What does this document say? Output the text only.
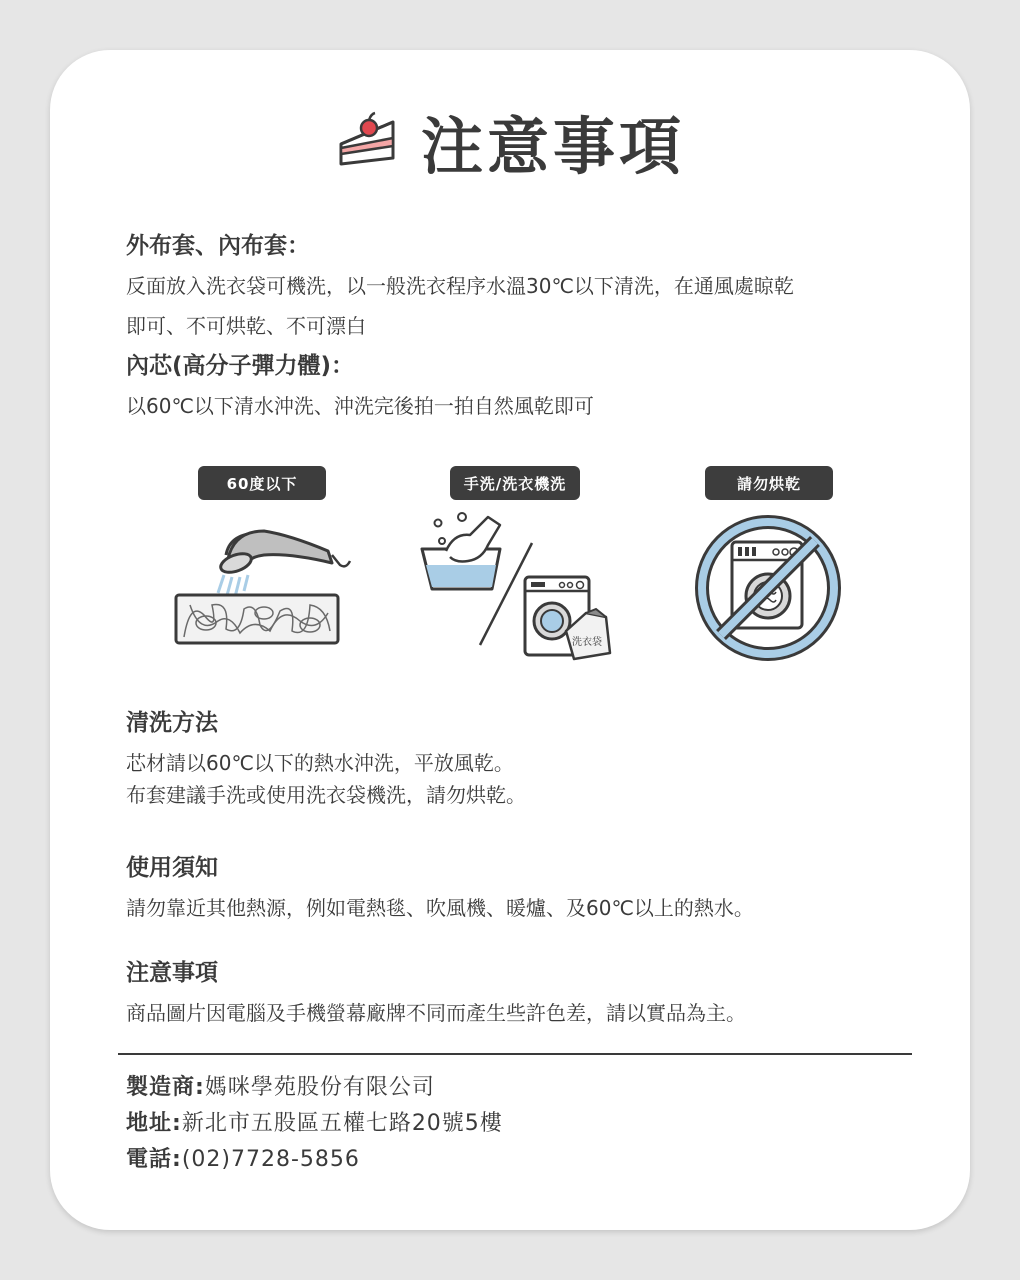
注意事項
外布套、內布套：
反面放入洗衣袋可機洗，以一般洗衣程序水溫30℃以下清洗，在通風處晾乾
即可、不可烘乾、不可漂白
內芯(高分子彈力體)：
以60℃以下清水沖洗、沖洗完後拍一拍自然風乾即可
60度以下	手洗/洗衣機洗	請勿烘乾
洗衣袋
清洗方法
芯材請以60℃以下的熱水沖洗，平放風乾。
布套建議手洗或使用洗衣袋機洗，請勿烘乾。
使用須知
請勿靠近其他熱源，例如電熱毯、吹風機、暖爐、及60℃以上的熱水。
注意事項
商品圖片因電腦及手機螢幕廠牌不同而產生些許色差，請以實品為主。
製造商:媽咪學苑股份有限公司
地址:新北市五股區五權七路20號5樓
電話:(02)7728-5856
